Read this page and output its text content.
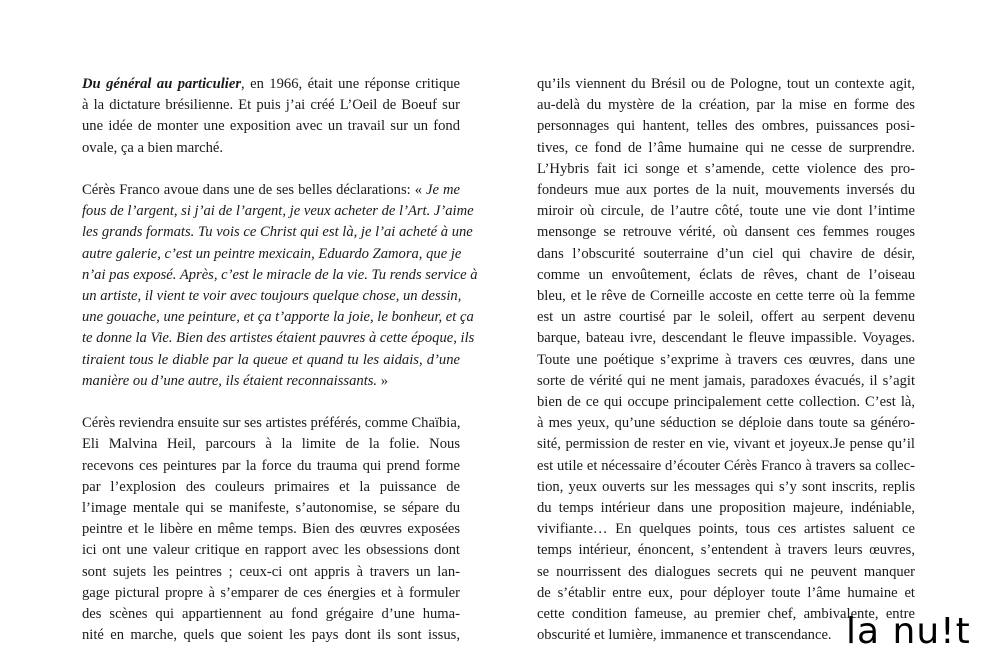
Du général au particulier, en 1966, était une réponse critique
à la dictature brésilienne. Et puis j’ai créé L’Oeil de Boeuf sur
une idée de monter une exposition avec un travail sur un fond
ovale, ça a bien marché.
Cérès Franco avoue dans une de ses belles déclarations: « Je me
fous de l’argent, si j’ai de l’argent, je veux acheter de l’Art. J’aime
les grands formats. Tu vois ce Christ qui est là, je l’ai acheté à une
autre galerie, c’est un peintre mexicain, Eduardo Zamora, que je
n’ai pas exposé. Après, c’est le miracle de la vie. Tu rends service à
un artiste, il vient te voir avec toujours quelque chose, un dessin,
une gouache, une peinture, et ça t’apporte la joie, le bonheur, et ça
te donne la Vie. Bien des artistes étaient pauvres à cette époque, ils
tiraient tous le diable par la queue et quand tu les aidais, d’une
manière ou d’une autre, ils étaient reconnaissants. »
Cérès reviendra ensuite sur ses artistes préférés, comme Chaïbia,
Eli Malvina Heil, parcours à la limite de la folie. Nous
recevons ces peintures par la force du trauma qui prend forme
par l’explosion des couleurs primaires et la puissance de
l’image mentale qui se manifeste, s’autonomise, se sépare du
peintre et le libère en même temps. Bien des œuvres exposées
ici ont une valeur critique en rapport avec les obsessions dont
sont sujets les peintres ; ceux-ci ont appris à travers un lan-
gage pictural propre à s’emparer de ces énergies et à formuler
des scènes qui appartiennent au fond grégaire d’une huma-
nité en marche, quels que soient les pays dont ils sont issus,
qu’ils viennent du Brésil ou de Pologne, tout un contexte agit,
au-delà du mystère de la création, par la mise en forme des
personnages qui hantent, telles des ombres, puissances posi-
tives, ce fond de l’âme humaine qui ne cesse de surprendre.
L’Hybris fait ici songe et s’amende, cette violence des pro-
fondeurs mue aux portes de la nuit, mouvements inversés du
miroir où circule, de l’autre côté, toute une vie dont l’intime
mensonge se retrouve vérité, où dansent ces femmes rouges
dans l’obscurité souterraine d’un ciel qui chavire de désir,
comme un envoûtement, éclats de rêves, chant de l’oiseau
bleu, et le rêve de Corneille accoste en cette terre où la femme
est un astre courtisé par le soleil, offert au serpent devenu
barque, bateau ivre, descendant le fleuve impassible. Voyages.
Toute une poétique s’exprime à travers ces œuvres, dans une
sorte de vérité qui ne ment jamais, paradoxes évacués, il s’agit
bien de ce qui occupe principalement cette collection. C’est là,
à mes yeux, qu’une séduction se déploie dans toute sa généro-
sité, permission de rester en vie, vivant et joyeux.Je pense qu’il
est utile et nécessaire d’écouter Cérès Franco à travers sa collec-
tion, yeux ouverts sur les messages qui s’y sont inscrits, replis
du temps intérieur dans une proposition majeure, indéniable,
vivifiante… En quelques points, tous ces artistes saluent ce
temps intérieur, énoncent, s’entendent à travers leurs œuvres,
se nourrissent des dialogues secrets qui ne peuvent manquer
de s’établir entre eux, pour déployer toute l’âme humaine et
cette condition fameuse, au premier chef, ambivalente, entre
obscurité et lumière, immanence et transcendance. la nu!t
